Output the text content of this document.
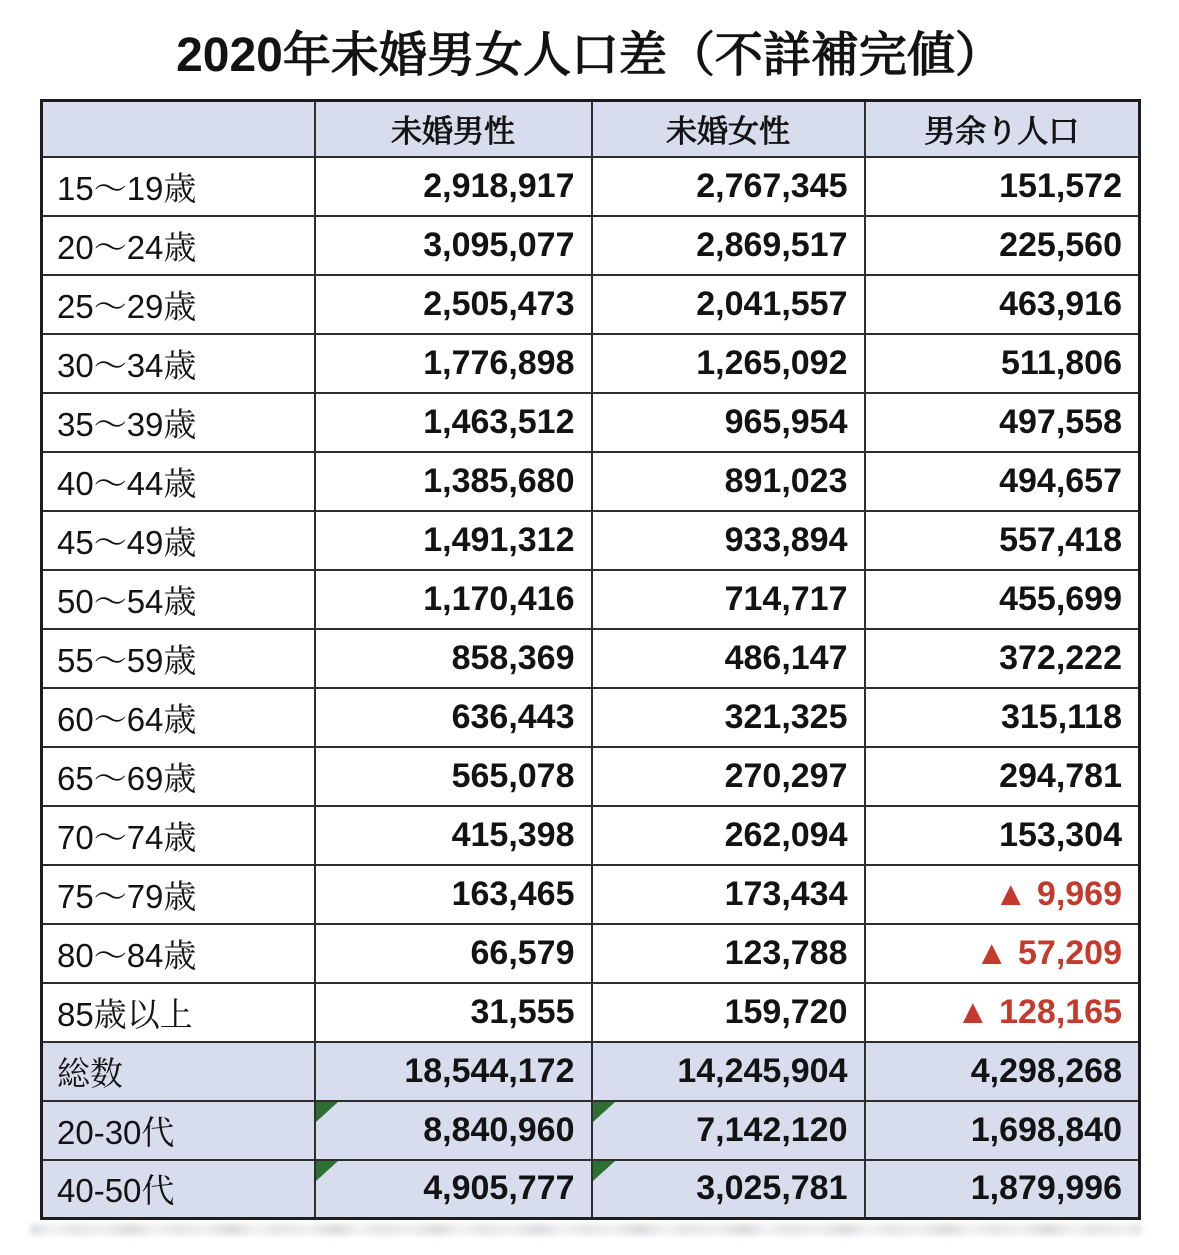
2020年未婚男女人口差（不詳補完値）
	未婚男性	未婚女性	男余り人口
15〜19歳	2,918,917	2,767,345	151,572
20〜24歳	3,095,077	2,869,517	225,560
25〜29歳	2,505,473	2,041,557	463,916
30〜34歳	1,776,898	1,265,092	511,806
35〜39歳	1,463,512	965,954	497,558
40〜44歳	1,385,680	891,023	494,657
45〜49歳	1,491,312	933,894	557,418
50〜54歳	1,170,416	714,717	455,699
55〜59歳	858,369	486,147	372,222
60〜64歳	636,443	321,325	315,118
65〜69歳	565,078	270,297	294,781
70〜74歳	415,398	262,094	153,304
75〜79歳	163,465	173,434	▲ 9,969
80〜84歳	66,579	123,788	▲ 57,209
85歳以上	31,555	159,720	▲ 128,165
総数	18,544,172	14,245,904	4,298,268
20-30代	8,840,960	7,142,120	1,698,840
40-50代	4,905,777	3,025,781	1,879,996
